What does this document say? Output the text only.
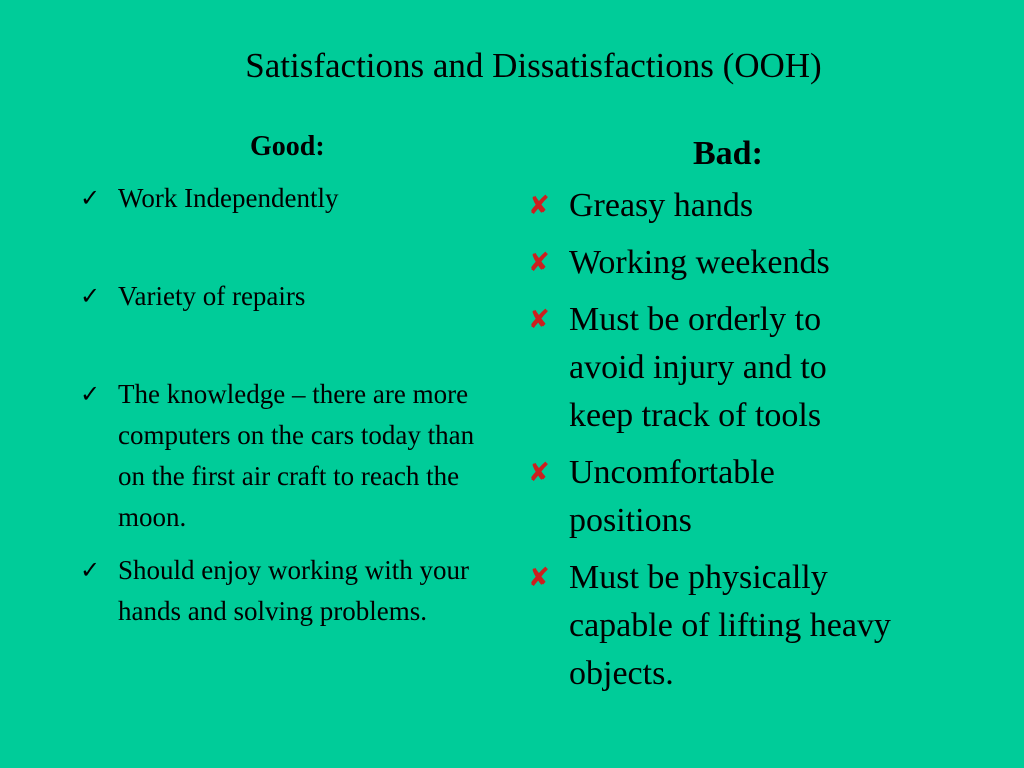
Satisfactions and Dissatisfactions (OOH)
Good:
✓ Work Independently
✓ Variety of repairs
✓ The knowledge – there are more computers on the cars today than on the first air craft to reach the moon.
✓ Should enjoy working with your hands and solving problems.
Bad:
✘ Greasy hands
✘ Working weekends
✘ Must be orderly to avoid injury and to keep track of tools
✘ Uncomfortable positions
✘ Must be physically capable of lifting heavy objects.
